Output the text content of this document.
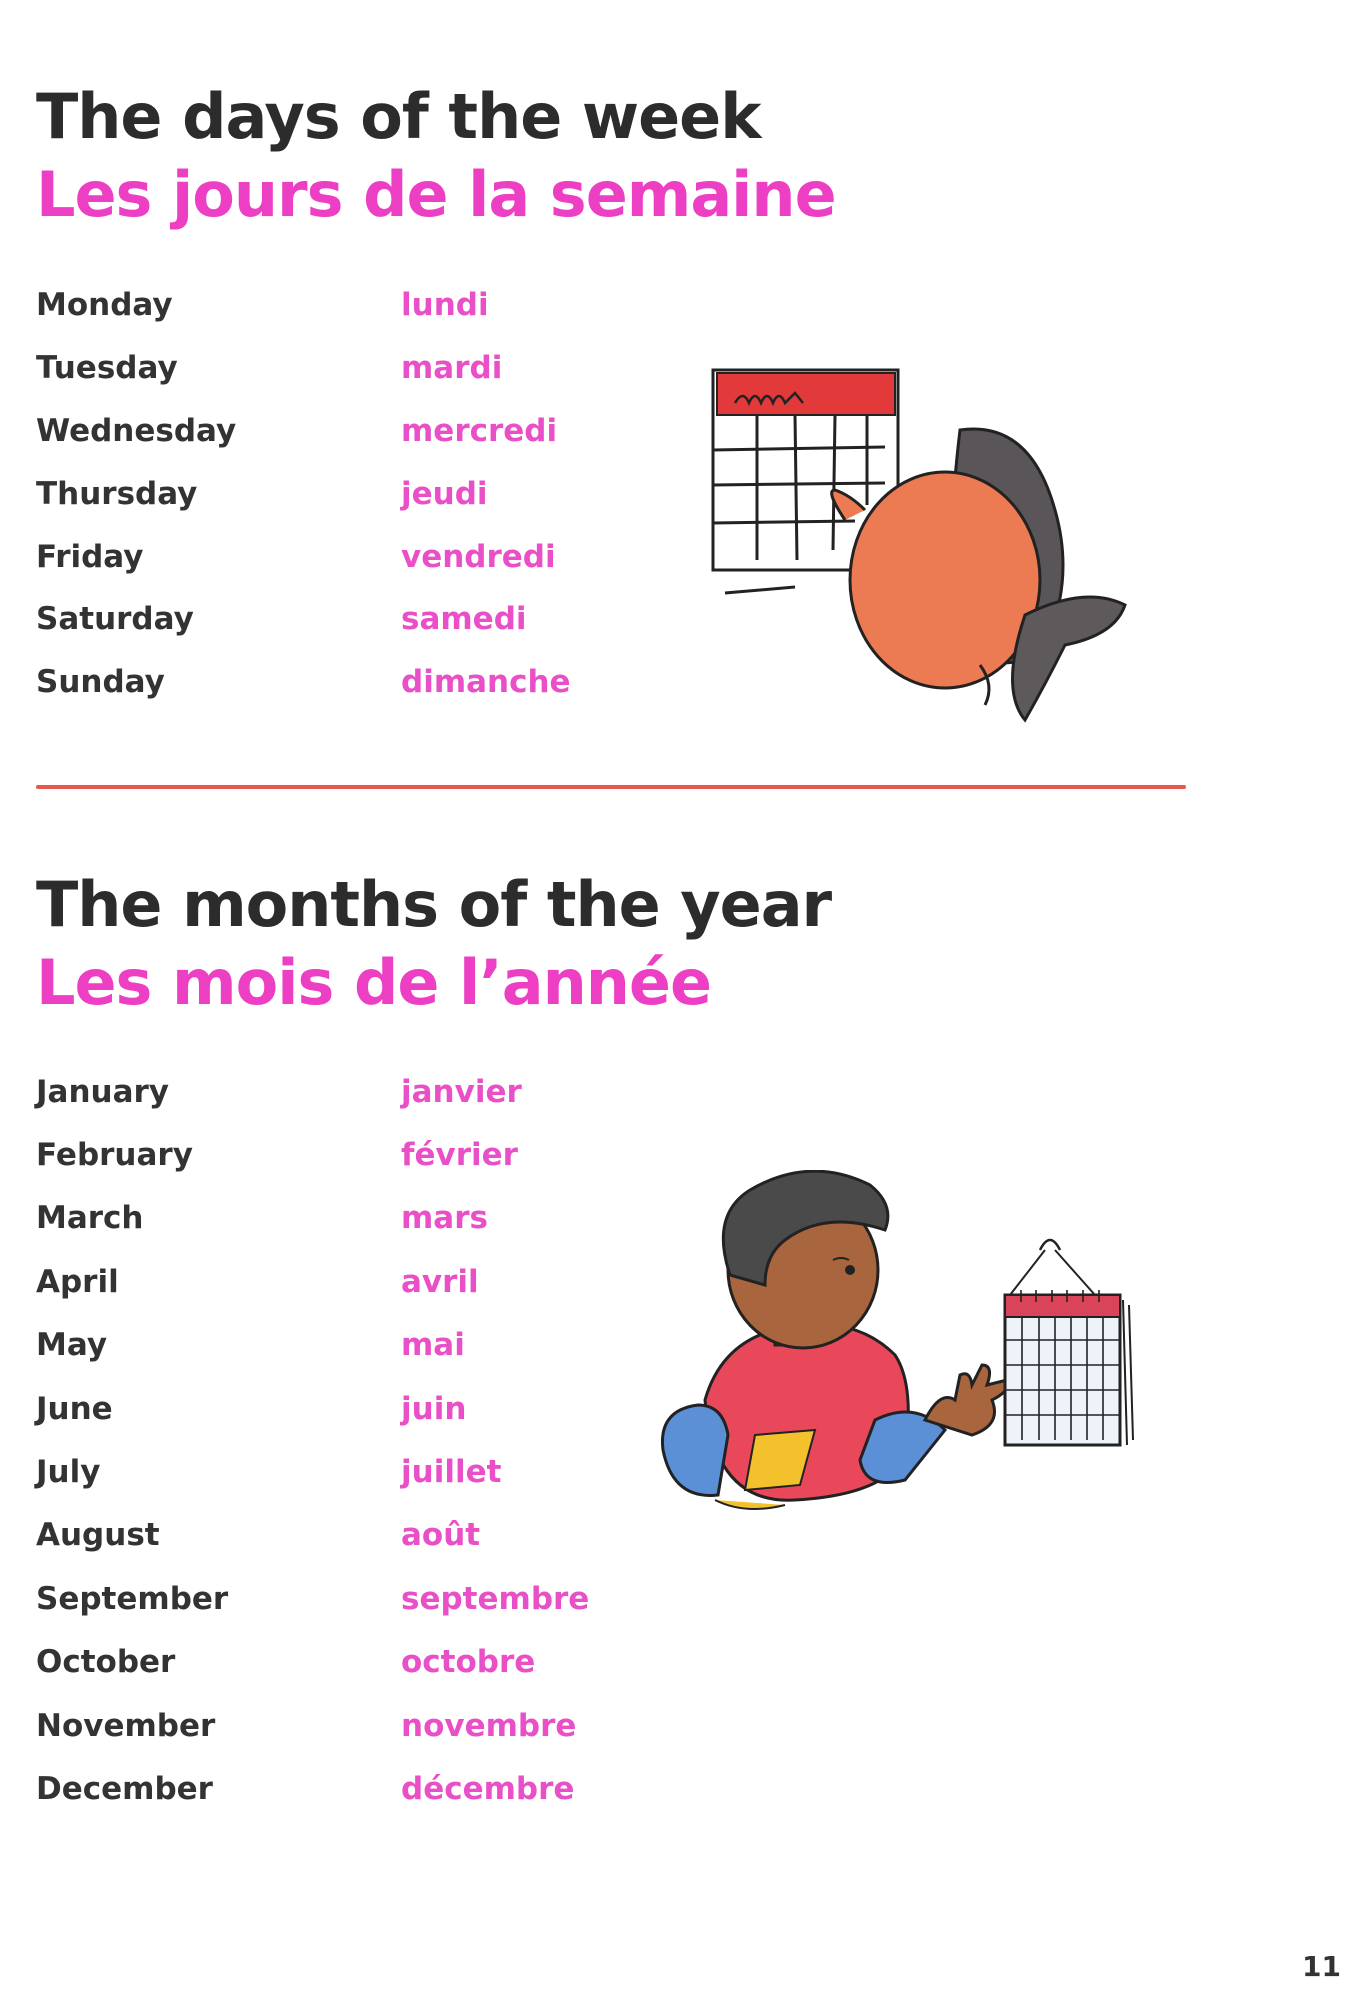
The days of the week
Les jours de la semaine
Monday	lundi
Tuesday	mardi
Wednesday	mercredi
Thursday	jeudi
Friday	vendredi
Saturday	samedi
Sunday	dimanche
The months of the year
Les mois de l’année
January	janvier
February	février
March	mars
April	avril
May	mai
June	juin
July	juillet
August	août
September	septembre
October	octobre
November	novembre
December	décembre
11
